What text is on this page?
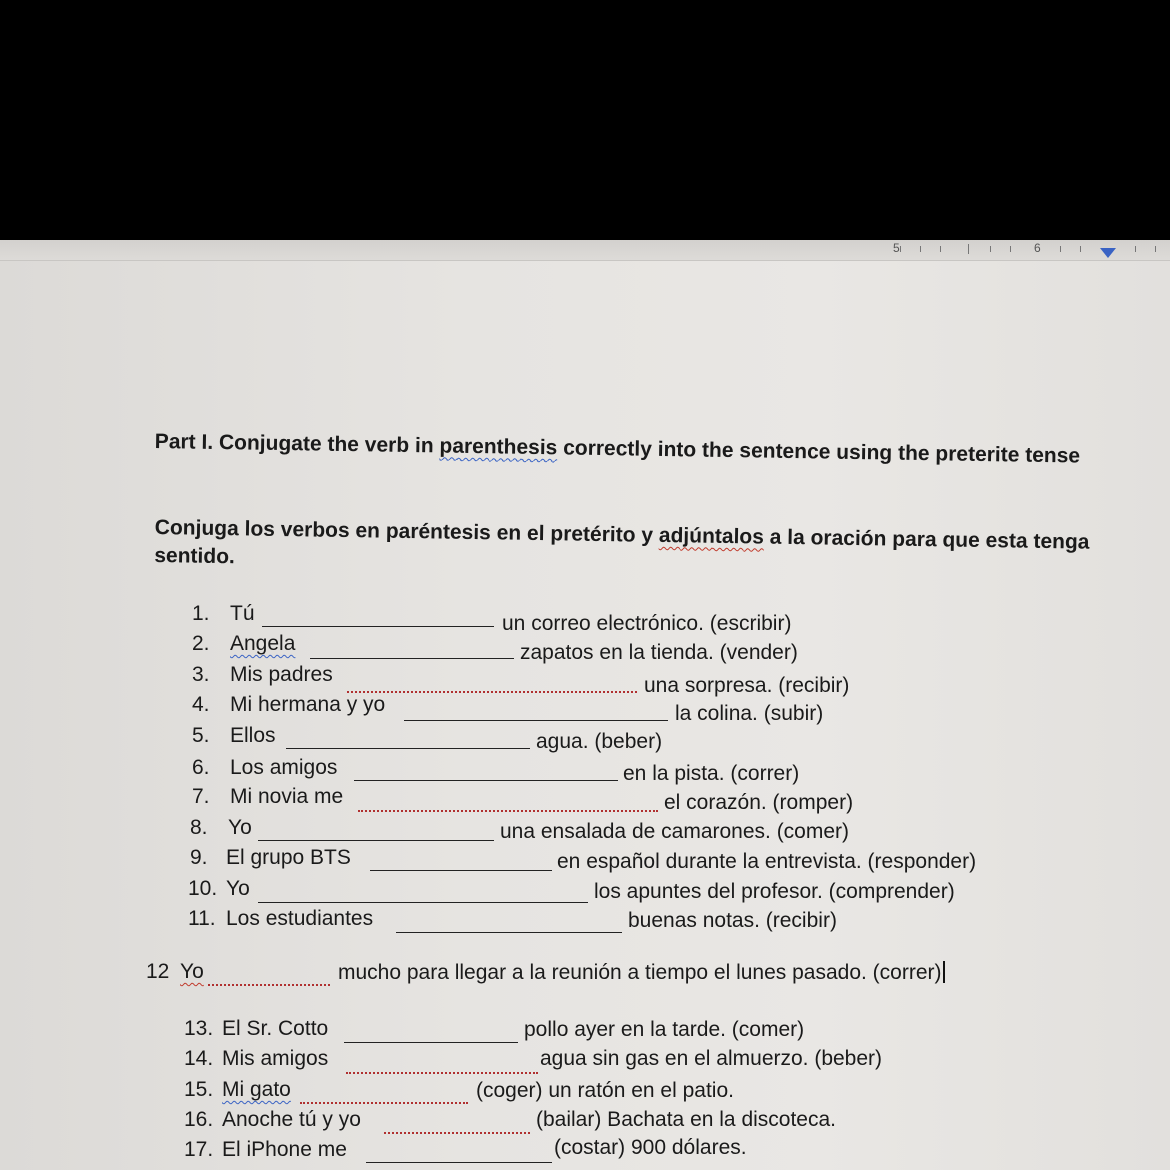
5	6
Part I. Conjugate the verb in parenthesis correctly into the sentence using the preterite tense
Conjuga los verbos en paréntesis en el pretérito y adjúntalos a la oración para que esta tenga sentido.
1. Tú	un correo electrónico. (escribir)
2. Angela	zapatos en la tienda. (vender)
3. Mis padres	una sorpresa. (recibir)
4. Mi hermana y yo	la colina. (subir)
5. Ellos	agua. (beber)
6. Los amigos	en la pista. (correr)
7. Mi novia me	el corazón. (romper)
8. Yo	una ensalada de camarones. (comer)
9. El grupo BTS	en español durante la entrevista. (responder)
10. Yo	los apuntes del profesor. (comprender)
11. Los estudiantes	buenas notas. (recibir)
12 Yo	mucho para llegar a la reunión a tiempo el lunes pasado. (correr)
13. El Sr. Cotto	pollo ayer en la tarde. (comer)
14. Mis amigos	agua sin gas en el almuerzo. (beber)
15. Mi gato	(coger) un ratón en el patio.
16. Anoche tú y yo	(bailar) Bachata en la discoteca.
17. El iPhone me	(costar) 900 dólares.
